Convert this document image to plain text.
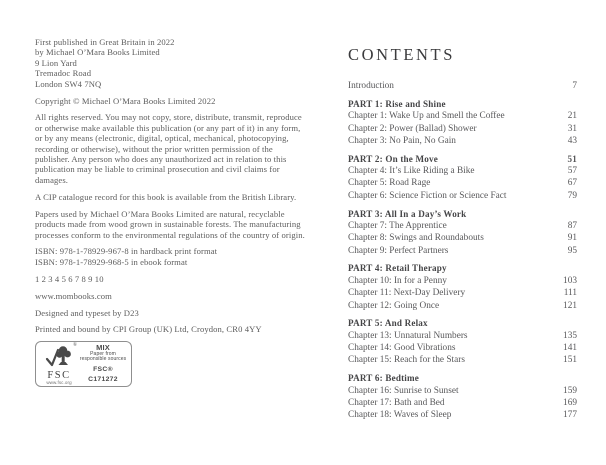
First published in Great Britain in 2022
by Michael O’Mara Books Limited
9 Lion Yard
Tremadoc Road
London SW4 7NQ

Copyright © Michael O’Mara Books Limited 2022

All rights reserved. You may not copy, store, distribute, transmit, reproduce or otherwise make available this publication (or any part of it) in any form, or by any means (electronic, digital, optical, mechanical, photocopying, recording or otherwise), without the prior written permission of the publisher. Any person who does any unauthorized act in relation to this publication may be liable to criminal prosecution and civil claims for damages.

A CIP catalogue record for this book is available from the British Library.

Papers used by Michael O’Mara Books Limited are natural, recyclable products made from wood grown in sustainable forests. The manufacturing processes conform to the environmental regulations of the country of origin.

ISBN: 978-1-78929-967-8 in hardback print format
ISBN: 978-1-78929-968-5 in ebook format

1 2 3 4 5 6 7 8 9 10

www.mombooks.com

Designed and typeset by D23

Printed and bound by CPI Group (UK) Ltd, Croydon, CR0 4YY

®
FSC
www.fsc.org
MIX
Paper from
responsible sources
FSC® C171272
CONTENTS
Introduction	7
PART 1: Rise and Shine
Chapter 1: Wake Up and Smell the Coffee	21
Chapter 2: Power (Ballad) Shower	31
Chapter 3: No Pain, No Gain	43
PART 2: On the Move	51
Chapter 4: It’s Like Riding a Bike	57
Chapter 5: Road Rage	67
Chapter 6: Science Fiction or Science Fact	79
PART 3: All In a Day’s Work
Chapter 7: The Apprentice	87
Chapter 8: Swings and Roundabouts	91
Chapter 9: Perfect Partners	95
PART 4: Retail Therapy
Chapter 10: In for a Penny	103
Chapter 11: Next-Day Delivery	111
Chapter 12: Going Once	121
PART 5: And Relax
Chapter 13: Unnatural Numbers	135
Chapter 14: Good Vibrations	141
Chapter 15: Reach for the Stars	151
PART 6: Bedtime
Chapter 16: Sunrise to Sunset	159
Chapter 17: Bath and Bed	169
Chapter 18: Waves of Sleep	177
